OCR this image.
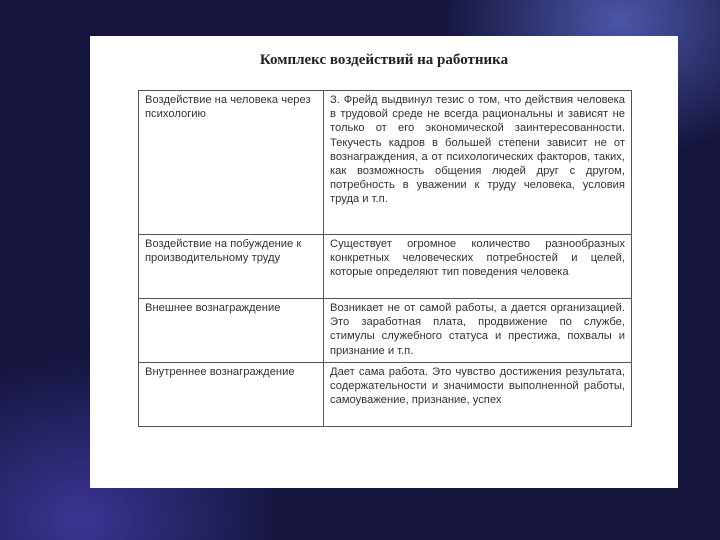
Комплекс воздействий на работника
Воздействие на человека через психологию	З. Фрейд выдвинул тезис о том, что действия человека в трудовой среде не всегда рациональны и зависят не только от его экономической заинтересованности. Текучесть кадров в большей степени зависит не от вознаграждения, а от психологических факторов, таких, как возможность общения людей друг с другом, потребность в уважении к труду человека, условия труда и т.п.
Воздействие на побуждение к производительному труду	Существует огромное количество разнообразных конкретных человеческих потребностей и целей, которые определяют тип поведения человека
Внешнее вознаграждение	Возникает не от самой работы, а дается организацией. Это заработная плата, продвижение по службе, стимулы служебного статуса и престижа, похвалы и признание и т.п.
Внутреннее вознаграждение	Дает сама работа. Это чувство достижения результата, содержательности и значимости выполненной работы, самоуважение, признание, успех
